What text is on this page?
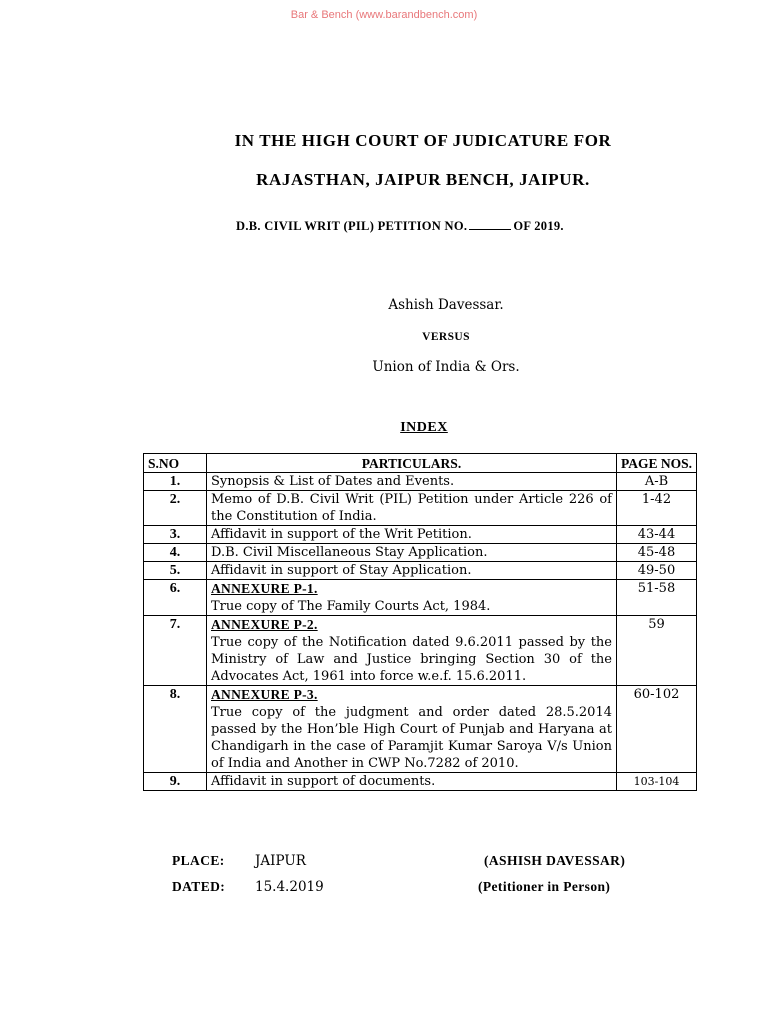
Bar & Bench (www.barandbench.com)
IN THE HIGH COURT OF JUDICATURE FOR
RAJASTHAN, JAIPUR BENCH, JAIPUR.
D.B. CIVIL WRIT (PIL) PETITION NO.	OF 2019.
Ashish Davessar.
VERSUS
Union of India & Ors.
INDEX
S.NO	PARTICULARS.	PAGE NOS.
1.	Synopsis & List of Dates and Events.	A-B
2.	Memo of D.B. Civil Writ (PIL) Petition under Article 226 of the Constitution of India.	1-42
3.	Affidavit in support of the Writ Petition.	43-44
4.	D.B. Civil Miscellaneous Stay Application.	45-48
5.	Affidavit in support of Stay Application.	49-50
6.	ANNEXURE P-1.
True copy of The Family Courts Act, 1984.	51-58
7.	ANNEXURE P-2.
True copy of the Notification dated 9.6.2011 passed by the Ministry of Law and Justice bringing Section 30 of the Advocates Act, 1961 into force w.e.f. 15.6.2011.	59
8.	ANNEXURE P-3.
True copy of the judgment and order dated 28.5.2014 passed by the Hon’ble High Court of Punjab and Haryana at Chandigarh in the case of Paramjit Kumar Saroya V/s Union of India and Another in CWP No.7282 of 2010.	60-102
9.	Affidavit in support of documents.	103-104
PLACE: JAIPUR
DATED: 15.4.2019
(ASHISH DAVESSAR)
(Petitioner in Person)
